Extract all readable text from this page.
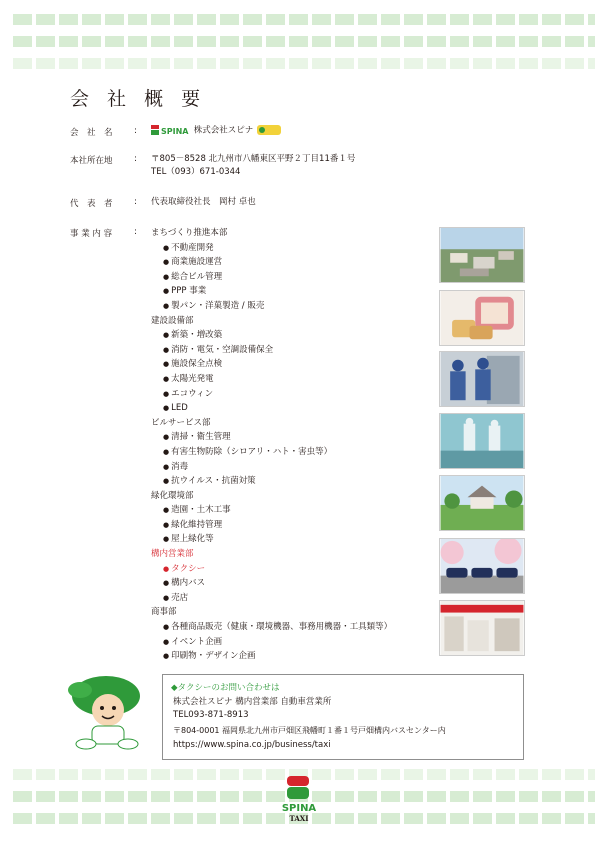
会 社 概 要
会　社　名	:	SPINA 株式会社スピナ
本社所在地	: 〒805－8528 北九州市八幡東区平野２丁目11番１号
TEL（093）671-0344
代　表　者	: 代表取締役社長　岡村 卓也
事 業 内 容	: まちづくり推進本部
● 不動産開発
● 商業施設運営
● 総合ビル管理
● PPP 事業
● 製パン・洋菓製造 / 販売
建設設備部
● 新築・増改築
● 消防・電気・空調設備保全
● 施設保全点検
● 太陽光発電
● エコウィン
● LED
ビルサービス部
● 清掃・衛生管理
● 有害生物防除（シロアリ・ハト・害虫等）
● 消毒
● 抗ウイルス・抗菌対策
緑化環境部
● 造園・土木工事
● 緑化維持管理
● 屋上緑化等
構内営業部
● タクシー
● 構内バス
● 売店
商事部
● 各種商品販売（健康・環境機器、事務用機器・工具類等）
● イベント企画
● 印刷物・デザイン企画
◆タクシーのお問い合わせは
株式会社スピナ 構内営業部 自動車営業所
TEL093-871-8913
〒804-0001 福岡県北九州市戸畑区飛幡町１番１号戸畑構内バスセンター内
https://www.spina.co.jp/business/taxi
SPINA
TAXI
